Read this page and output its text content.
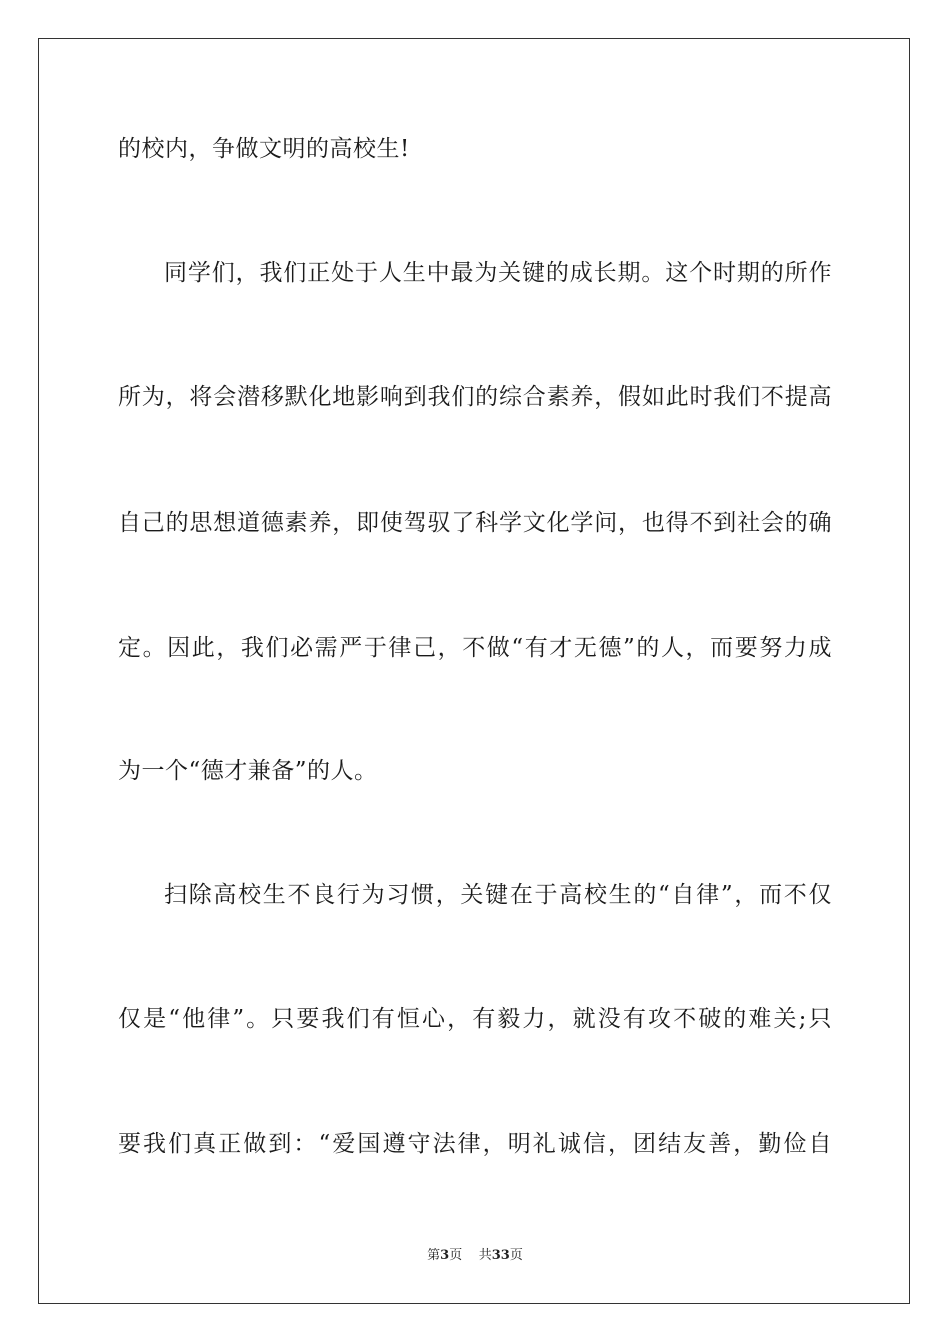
的校内，争做文明的高校生!
同学们，我们正处于人生中最为关键的成长期。这个时期的所作
所为，将会潜移默化地影响到我们的综合素养，假如此时我们不提高
自己的思想道德素养，即使驾驭了科学文化学问，也得不到社会的确
定。因此，我们必需严于律己，不做“有才无德”的人，而要努力成
为一个“德才兼备”的人。
扫除高校生不良行为习惯，关键在于高校生的“自律”，而不仅
仅是“他律”。只要我们有恒心，有毅力，就没有攻不破的难关;只
要我们真正做到：“爱国遵守法律，明礼诚信，团结友善，勤俭自
第3页 共33页
